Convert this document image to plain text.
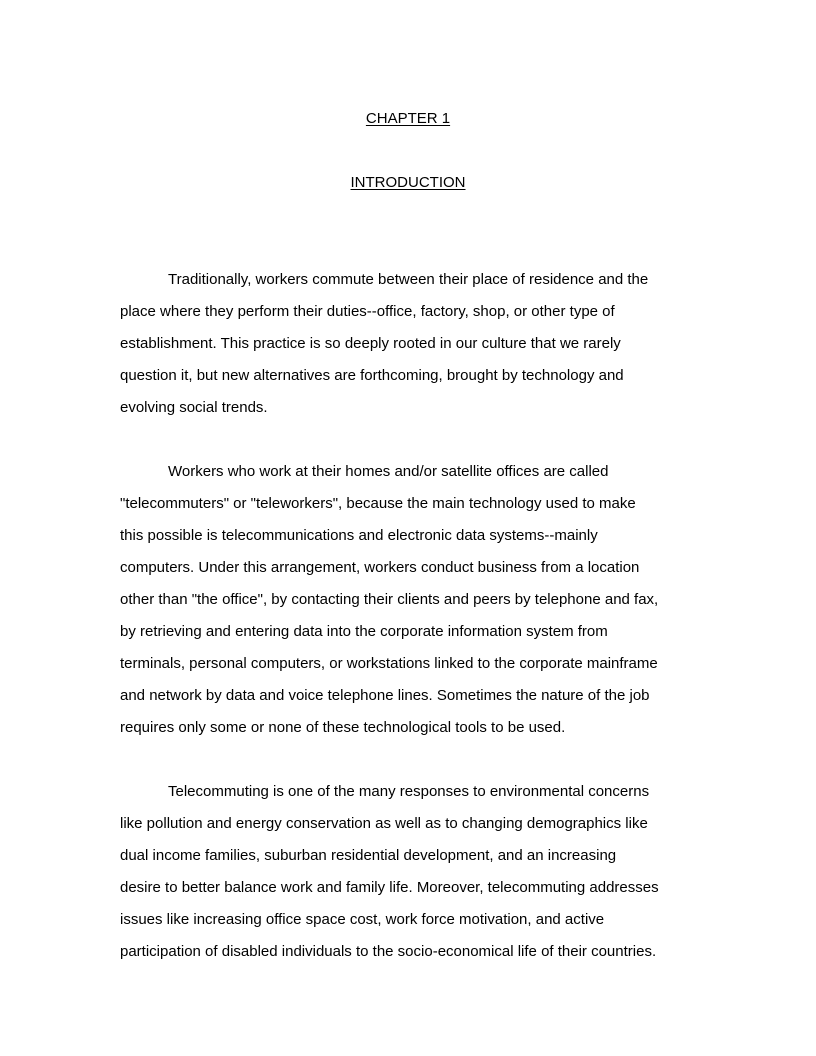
CHAPTER 1
INTRODUCTION

Traditionally, workers commute between their place of residence and the
place where they perform their duties--office, factory, shop, or other type of
establishment. This practice is so deeply rooted in our culture that we rarely
question it, but new alternatives are forthcoming, brought by technology and
evolving social trends.

Workers who work at their homes and/or satellite offices are called
"telecommuters" or "teleworkers", because the main technology used to make
this possible is telecommunications and electronic data systems--mainly
computers. Under this arrangement, workers conduct business from a location
other than "the office", by contacting their clients and peers by telephone and fax,
by retrieving and entering data into the corporate information system from
terminals, personal computers, or workstations linked to the corporate mainframe
and network by data and voice telephone lines. Sometimes the nature of the job
requires only some or none of these technological tools to be used.

Telecommuting is one of the many responses to environmental concerns
like pollution and energy conservation as well as to changing demographics like
dual income families, suburban residential development, and an increasing
desire to better balance work and family life. Moreover, telecommuting addresses
issues like increasing office space cost, work force motivation, and active
participation of disabled individuals to the socio-economical life of their countries.
